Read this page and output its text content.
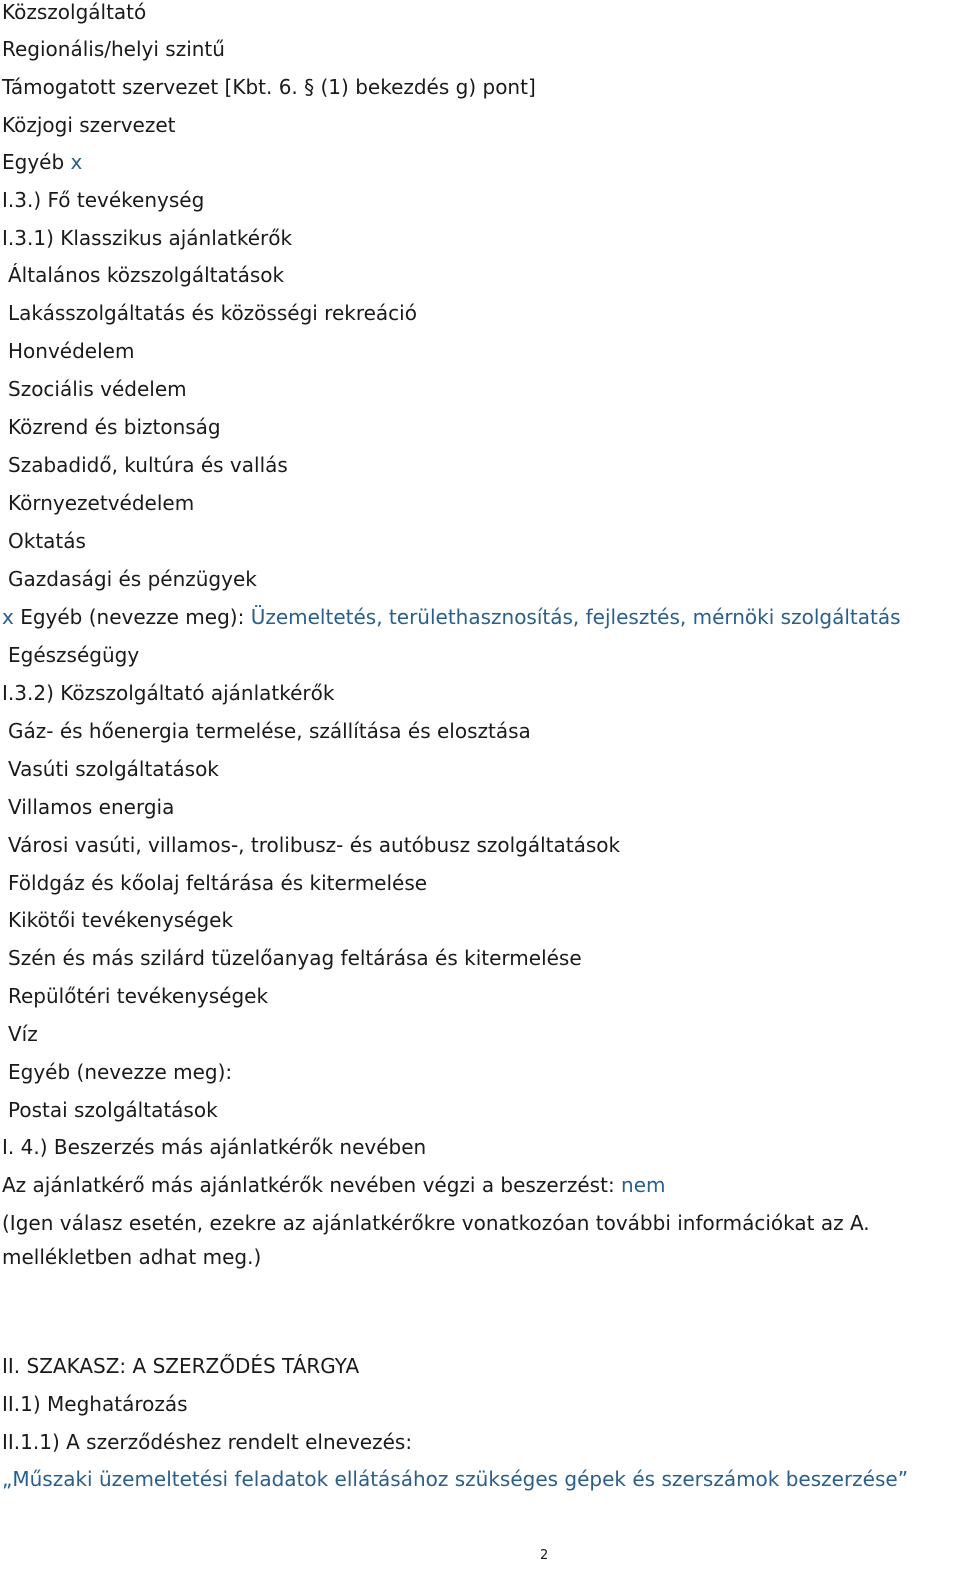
Közszolgáltató
Regionális/helyi szintű
Támogatott szervezet [Kbt. 6. § (1) bekezdés g) pont]
Közjogi szervezet
Egyéb x
I.3.) Fő tevékenység
I.3.1) Klasszikus ajánlatkérők
Általános közszolgáltatások
Lakásszolgáltatás és közösségi rekreáció
Honvédelem
Szociális védelem
Közrend és biztonság
Szabadidő, kultúra és vallás
Környezetvédelem
Oktatás
Gazdasági és pénzügyek
x Egyéb (nevezze meg): Üzemeltetés, területhasznosítás, fejlesztés, mérnöki szolgáltatás
Egészségügy
I.3.2) Közszolgáltató ajánlatkérők
Gáz- és hőenergia termelése, szállítása és elosztása
Vasúti szolgáltatások
Villamos energia
Városi vasúti, villamos-, trolibusz- és autóbusz szolgáltatások
Földgáz és kőolaj feltárása és kitermelése
Kikötői tevékenységek
Szén és más szilárd tüzelőanyag feltárása és kitermelése
Repülőtéri tevékenységek
Víz
Egyéb (nevezze meg):
Postai szolgáltatások
I. 4.) Beszerzés más ajánlatkérők nevében
Az ajánlatkérő más ajánlatkérők nevében végzi a beszerzést: nem
(Igen válasz esetén, ezekre az ajánlatkérőkre vonatkozóan további információkat az A.
mellékletben adhat meg.)
II. SZAKASZ: A SZERZŐDÉS TÁRGYA
II.1) Meghatározás
II.1.1) A szerződéshez rendelt elnevezés:
„Műszaki üzemeltetési feladatok ellátásához szükséges gépek és szerszámok beszerzése”
2
